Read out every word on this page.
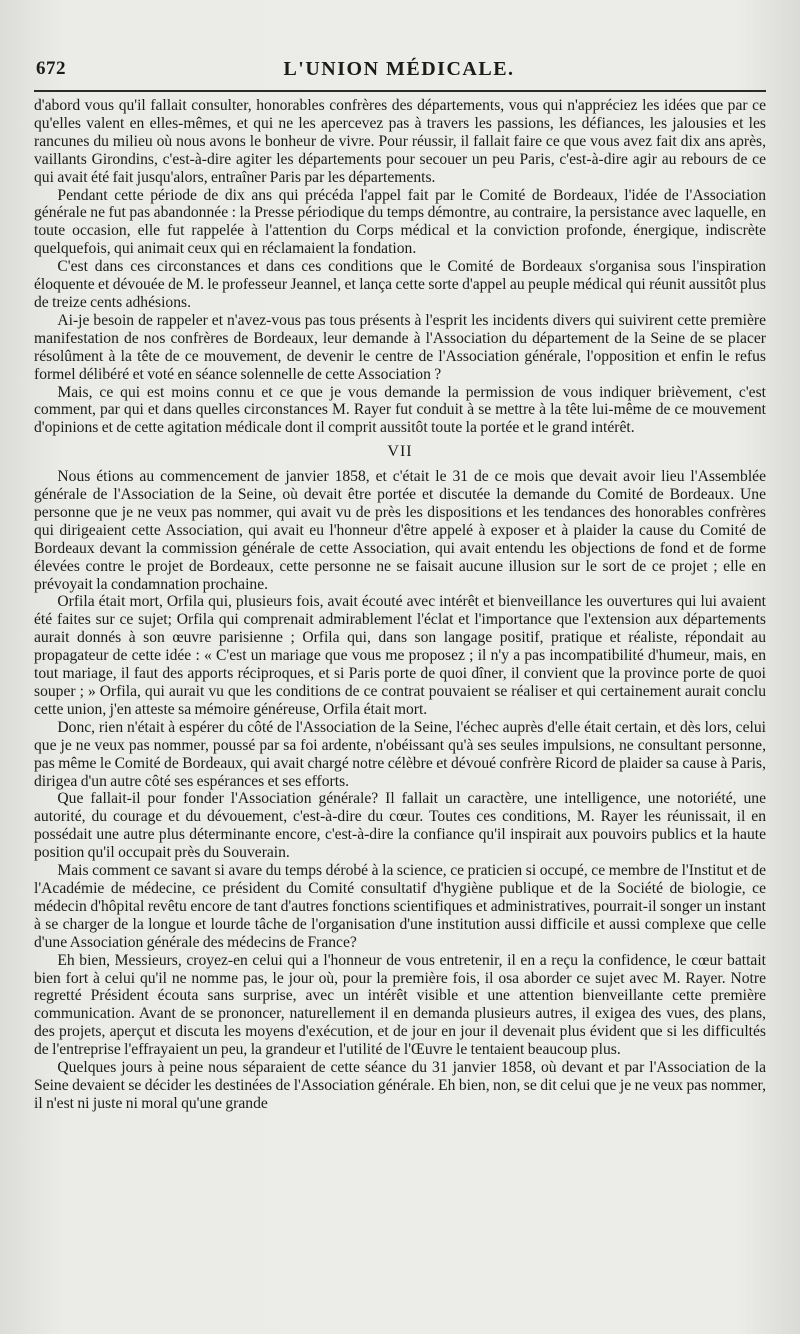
672	L'UNION MÉDICALE.

d'abord vous qu'il fallait consulter, honorables confrères des départements, vous qui n'appréciez les idées que par ce qu'elles valent en elles-mêmes, et qui ne les apercevez pas à travers les passions, les défiances, les jalousies et les rancunes du milieu où nous avons le bonheur de vivre. Pour réussir, il fallait faire ce que vous avez fait dix ans après, vaillants Girondins, c'est-à-dire agiter les départements pour secouer un peu Paris, c'est-à-dire agir au rebours de ce qui avait été fait jusqu'alors, entraîner Paris par les départements.

Pendant cette période de dix ans qui précéda l'appel fait par le Comité de Bordeaux, l'idée de l'Association générale ne fut pas abandonnée : la Presse périodique du temps démontre, au contraire, la persistance avec laquelle, en toute occasion, elle fut rappelée à l'attention du Corps médical et la conviction profonde, énergique, indiscrète quelquefois, qui animait ceux qui en réclamaient la fondation.

C'est dans ces circonstances et dans ces conditions que le Comité de Bordeaux s'organisa sous l'inspiration éloquente et dévouée de M. le professeur Jeannel, et lança cette sorte d'appel au peuple médical qui réunit aussitôt plus de treize cents adhésions.

Ai-je besoin de rappeler et n'avez-vous pas tous présents à l'esprit les incidents divers qui suivirent cette première manifestation de nos confrères de Bordeaux, leur demande à l'Association du département de la Seine de se placer résolûment à la tête de ce mouvement, de devenir le centre de l'Association générale, l'opposition et enfin le refus formel délibéré et voté en séance solennelle de cette Association ?

Mais, ce qui est moins connu et ce que je vous demande la permission de vous indiquer brièvement, c'est comment, par qui et dans quelles circonstances M. Rayer fut conduit à se mettre à la tête lui-même de ce mouvement d'opinions et de cette agitation médicale dont il comprit aussitôt toute la portée et le grand intérêt.

VII

Nous étions au commencement de janvier 1858, et c'était le 31 de ce mois que devait avoir lieu l'Assemblée générale de l'Association de la Seine, où devait être portée et discutée la demande du Comité de Bordeaux. Une personne que je ne veux pas nommer, qui avait vu de près les dispositions et les tendances des honorables confrères qui dirigeaient cette Association, qui avait eu l'honneur d'être appelé à exposer et à plaider la cause du Comité de Bordeaux devant la commission générale de cette Association, qui avait entendu les objections de fond et de forme élevées contre le projet de Bordeaux, cette personne ne se faisait aucune illusion sur le sort de ce projet ; elle en prévoyait la condamnation prochaine.

Orfila était mort, Orfila qui, plusieurs fois, avait écouté avec intérêt et bienveillance les ouvertures qui lui avaient été faites sur ce sujet; Orfila qui comprenait admirablement l'éclat et l'importance que l'extension aux départements aurait donnés à son œuvre parisienne ; Orfila qui, dans son langage positif, pratique et réaliste, répondait au propagateur de cette idée : « C'est un mariage que vous me proposez ; il n'y a pas incompatibilité d'humeur, mais, en tout mariage, il faut des apports réciproques, et si Paris porte de quoi dîner, il convient que la province porte de quoi souper ; » Orfila, qui aurait vu que les conditions de ce contrat pouvaient se réaliser et qui certainement aurait conclu cette union, j'en atteste sa mémoire généreuse, Orfila était mort.

Donc, rien n'était à espérer du côté de l'Association de la Seine, l'échec auprès d'elle était certain, et dès lors, celui que je ne veux pas nommer, poussé par sa foi ardente, n'obéissant qu'à ses seules impulsions, ne consultant personne, pas même le Comité de Bordeaux, qui avait chargé notre célèbre et dévoué confrère Ricord de plaider sa cause à Paris, dirigea d'un autre côté ses espérances et ses efforts.

Que fallait-il pour fonder l'Association générale? Il fallait un caractère, une intelligence, une notoriété, une autorité, du courage et du dévouement, c'est-à-dire du cœur. Toutes ces conditions, M. Rayer les réunissait, il en possédait une autre plus déterminante encore, c'est-à-dire la confiance qu'il inspirait aux pouvoirs publics et la haute position qu'il occupait près du Souverain.

Mais comment ce savant si avare du temps dérobé à la science, ce praticien si occupé, ce membre de l'Institut et de l'Académie de médecine, ce président du Comité consultatif d'hygiène publique et de la Société de biologie, ce médecin d'hôpital revêtu encore de tant d'autres fonctions scientifiques et administratives, pourrait-il songer un instant à se charger de la longue et lourde tâche de l'organisation d'une institution aussi difficile et aussi complexe que celle d'une Association générale des médecins de France?

Eh bien, Messieurs, croyez-en celui qui a l'honneur de vous entretenir, il en a reçu la confidence, le cœur battait bien fort à celui qu'il ne nomme pas, le jour où, pour la première fois, il osa aborder ce sujet avec M. Rayer. Notre regretté Président écouta sans surprise, avec un intérêt visible et une attention bienveillante cette première communication. Avant de se prononcer, naturellement il en demanda plusieurs autres, il exigea des vues, des plans, des projets, aperçut et discuta les moyens d'exécution, et de jour en jour il devenait plus évident que si les difficultés de l'entreprise l'effrayaient un peu, la grandeur et l'utilité de l'Œuvre le tentaient beaucoup plus.

Quelques jours à peine nous séparaient de cette séance du 31 janvier 1858, où devant et par l'Association de la Seine devaient se décider les destinées de l'Association générale. Eh bien, non, se dit celui que je ne veux pas nommer, il n'est ni juste ni moral qu'une grande
